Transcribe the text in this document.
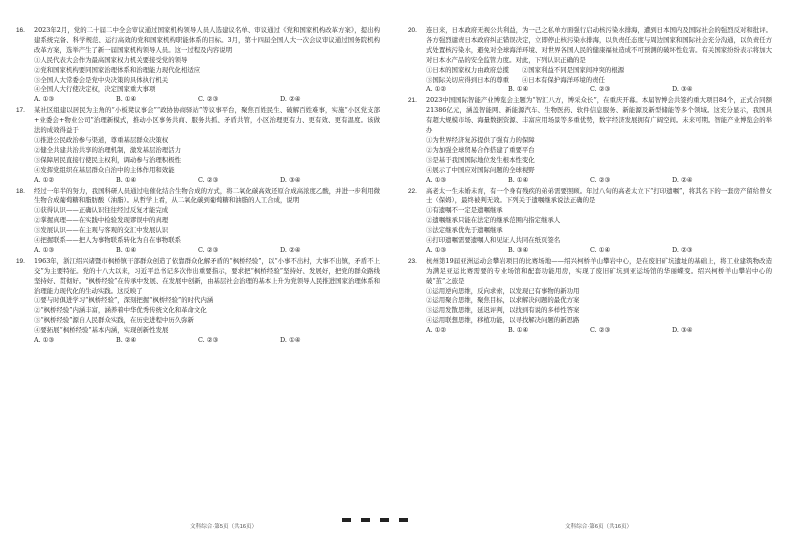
16.	2023年2月，党的二十届二中全会审议通过国家机构领导人员人选建议名单、审议通过《党和国家机构改革方案》，提出构建系统完备、科学规范、运行高效的党和国家机构职能体系的目标。3月，第十四届全国人大一次会议审议通过国务院机构改革方案，选举产生了新一届国家机构领导人员。这一过程及内容说明
①人民代表大会作为最高国家权力机关要接受党的领导
②党和国家机构要同国家治理体系和治理能力现代化相适应
③全国人大常委会是党中央决策的具体执行机关
④全国人大行使决定权，决定国家重大事项
A. ①③	B. ①④	C. ②③	D. ②④
17.	某社区组建以居民为主角的“小板凳议事会”“政协协商驿站”等议事平台，聚焦百姓民生、破解百姓难事，实施“小区党支部+业委会+物业公司”治理新模式，推动小区事务共商、服务共抓、矛盾共管，小区治理更有力、更有效、更有温度。该做法的成效得益于
①推进公民政治参与渠道，尊重基层群众决策权
②健全共建共治共享的治理机制，激发基层治理活力
③保障居民直接行使民主权利，调动参与治理积极性
④发挥党组织在基层群众自治中的主体作用和效能
A. ①②	B. ①④	C. ②③	D. ③④
18.	经过一年半的努力，我国科研人员通过电催化结合生物合成的方式，将二氧化碳高效还原合成高浓度乙酸，并进一步利用微生物合成葡萄糖和脂肪酸（油脂）。从哲学上看，从二氧化碳到葡萄糖和油脂的人工合成，说明
①获得认识——正确认识往往经过反复才能完成
②掌握真理——在实践中检验发现谬误中的真理
③发展认识——在主观与客观的交汇中发展认识
④把握联系——把人为事物联系转化为自在事物联系
A. ①③	B. ①④	C. ②③	D. ②④
19.	1963年，浙江绍兴诸暨市枫桥镇干部群众创造了依靠群众化解矛盾的“枫桥经验”，以“小事不出村，大事不出镇，矛盾不上交”为主要特征。党的十八大以来，习近平总书记多次作出重要指示，要求把“枫桥经验”坚持好、发展好，把党的群众路线坚持好、贯彻好。“枫桥经验”在传承中发展、在发展中创新，由基层社会治理的基本上升为党领导人民推进国家治理体系和治理能力现代化的生动实践。这反映了
①要与时俱进学习“枫桥经验”，深刻把握“枫桥经验”的时代内涵
②“枫桥经验”内涵丰富，涵养着中华优秀传统文化和革命文化
③“枫桥经验”源自人民群众实践，在历史进程中历久弥新
④要拓展“枫桥经验”基本内涵，实现创新性发展
A. ①③	B. ②④	C. ②③	D. ①④
20.	连日来，日本政府无视公共利益，为一己之私单方面强行启动核污染水排海，遭到日本国内及国际社会的强烈反对和批评。各方强烈谴责日本政府纠正错误决定，立即停止核污染水排海，以负责任态度与周边国家和国际社会充分沟通，以负责任方式处置核污染水，避免对全球海洋环境、对世界各国人民的健康福祉造成不可预测的破坏性危害。有关国家纷纷表示将加大对日本水产品的安全监管力度。对此，下列认识正确的是
①日本的国家权力由政府总揽　　②国家利益不同是国家间冲突的根源
③国际关切应得到日本的尊重　　④日本有保护海洋环境的责任
A. ①②	B. ①④	C. ②③	D. ③④
21.	2023中国国际智能产业博览会主题为“智汇八方，博采众长”，在重庆开幕。本届智博会共签约重大项目84个，正式合同额21386亿元，涵盖智能网、新能源汽车、生物医药、软件信息服务、新能源及新型储能等多个领域。这充分显示，我国具有超大规模市场、海量数据资源、丰富应用场景等多重优势，数字经济发展拥有广阔空间。未来可期。智能产业博览会的举办
①为世界经济复苏提供了强有力的保障
②为加强全球贸易合作搭建了重要平台
③是基于我国国际地位发生根本性变化
④展示了中国应对国际问题的全球视野
A. ①③	B. ①④	C. ②③	D. ②④
22.	高老太一生未婚未育，有一个身有残疾的弟弟需要照顾。年过八旬的高老太立下“打印遗嘱”，将其名下的一套房产留给曾女士（保姆），最终被判无效。下列关于遗嘱继承说法正确的是
①有遗嘱不一定是遗嘱继承
②遗嘱继承只能在法定的继承范围内指定继承人
③法定继承优先于遗嘱继承
④打印遗嘱需要遗嘱人和见证人共同在纸页签名
A. ①③	B. ③④	C. ①④	D. ②③
23.	杭州第19届亚洲运动会攀岩项目的比赛场地——绍兴柯桥羊山攀岩中心，是在废旧矿坑遗址的基础上，将工业建筑物改造为满足亚运比赛需要的专业场馆和配套功能用房，实现了废旧矿坑到亚运场馆的华丽蝶变。绍兴柯桥羊山攀岩中心的破“茧”之旅是
①运用逆向思维，反向求索，以发现已有事物的新功用
②运用聚合思维，聚焦目标，以求解决问题的最优方案
③运用发散思维，延迟评判，以找到有说的多样性答案
④运用联想思维，移植功能，以寻找解决问题的新思路
A. ①②	B. ①④	C. ②③	D. ③④
文科综合·第5页（共16页）	文科综合·第6页（共16页）
